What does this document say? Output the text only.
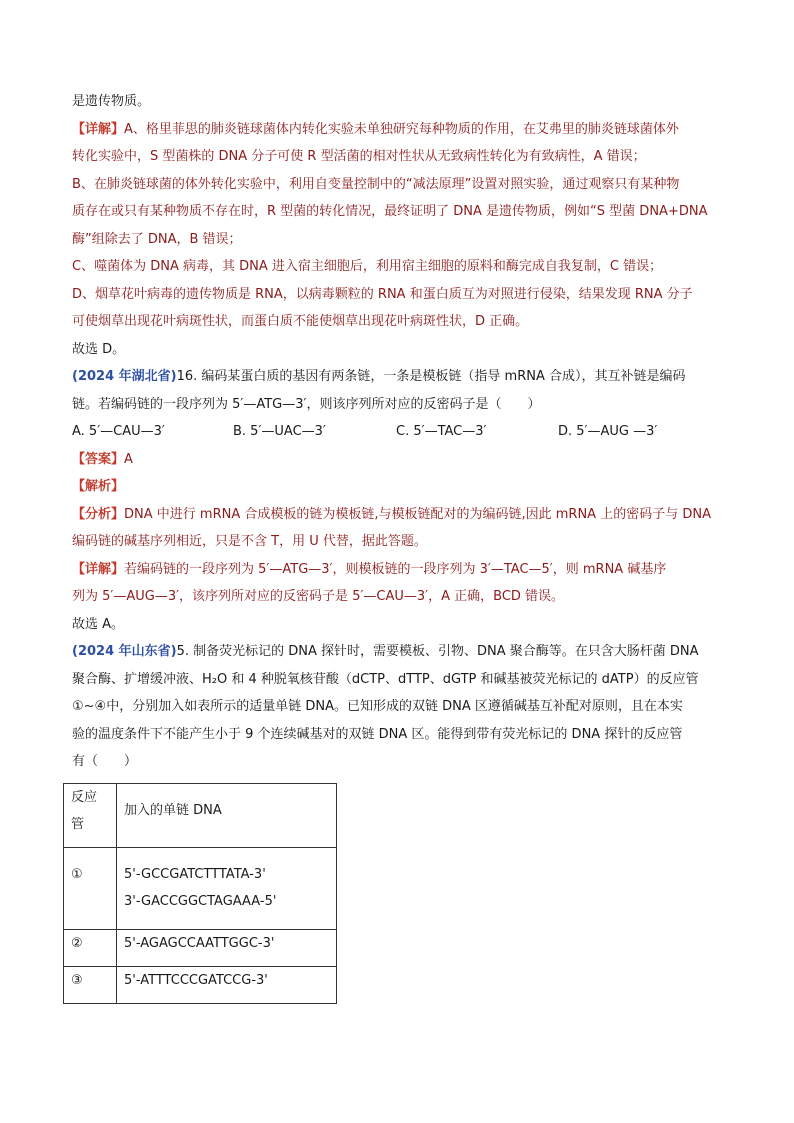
是遗传物质。
【详解】A、格里菲思的肺炎链球菌体内转化实验未单独研究每种物质的作用，在艾弗里的肺炎链球菌体外
转化实验中，S 型菌株的 DNA 分子可使 R 型活菌的相对性状从无致病性转化为有致病性，A 错误；
B、在肺炎链球菌的体外转化实验中，利用自变量控制中的“减法原理”设置对照实验，通过观察只有某种物
质存在或只有某种物质不存在时，R 型菌的转化情况，最终证明了 DNA 是遗传物质，例如“S 型菌 DNA+DNA
酶”组除去了 DNA，B 错误；
C、噬菌体为 DNA 病毒，其 DNA 进入宿主细胞后，利用宿主细胞的原料和酶完成自我复制，C 错误；
D、烟草花叶病毒的遗传物质是 RNA，以病毒颗粒的 RNA 和蛋白质互为对照进行侵染，结果发现 RNA 分子
可使烟草出现花叶病斑性状，而蛋白质不能使烟草出现花叶病斑性状，D 正确。
故选 D。
(2024 年湖北省)16. 编码某蛋白质的基因有两条链，一条是模板链（指导 mRNA 合成），其互补链是编码
链。若编码链的一段序列为 5′—ATG—3′，则该序列所对应的反密码子是（　　）
A. 5′—CAU—3′	B. 5′—UAC—3′	C. 5′—TAC—3′	D. 5′—AUG —3′
【答案】A
【解析】
【分析】DNA 中进行 mRNA 合成模板的链为模板链,与模板链配对的为编码链,因此 mRNA 上的密码子与 DNA
编码链的碱基序列相近，只是不含 T，用 U 代替，据此答题。
【详解】若编码链的一段序列为 5′—ATG—3′，则模板链的一段序列为 3′—TAC—5′，则 mRNA 碱基序
列为 5′—AUG—3′，该序列所对应的反密码子是 5′—CAU—3′，A 正确，BCD 错误。
故选 A。
(2024 年山东省)5. 制备荧光标记的 DNA 探针时，需要模板、引物、DNA 聚合酶等。在只含大肠杆菌 DNA
聚合酶、扩增缓冲液、H₂O 和 4 种脱氧核苷酸（dCTP、dTTP、dGTP 和碱基被荧光标记的 dATP）的反应管
①~④中，分别加入如表所示的适量单链 DNA。已知形成的双链 DNA 区遵循碱基互补配对原则，且在本实
验的温度条件下不能产生小于 9 个连续碱基对的双链 DNA 区。能得到带有荧光标记的 DNA 探针的反应管
有（　　）
反应
管	加入的单链 DNA

①	5'-GCCGATCTTTATA-3'
3'-GACCGGCTAGAAA-5'

②	5'-AGAGCCAATTGGC-3'

③	5'-ATTTCCCGATCCG-3'
